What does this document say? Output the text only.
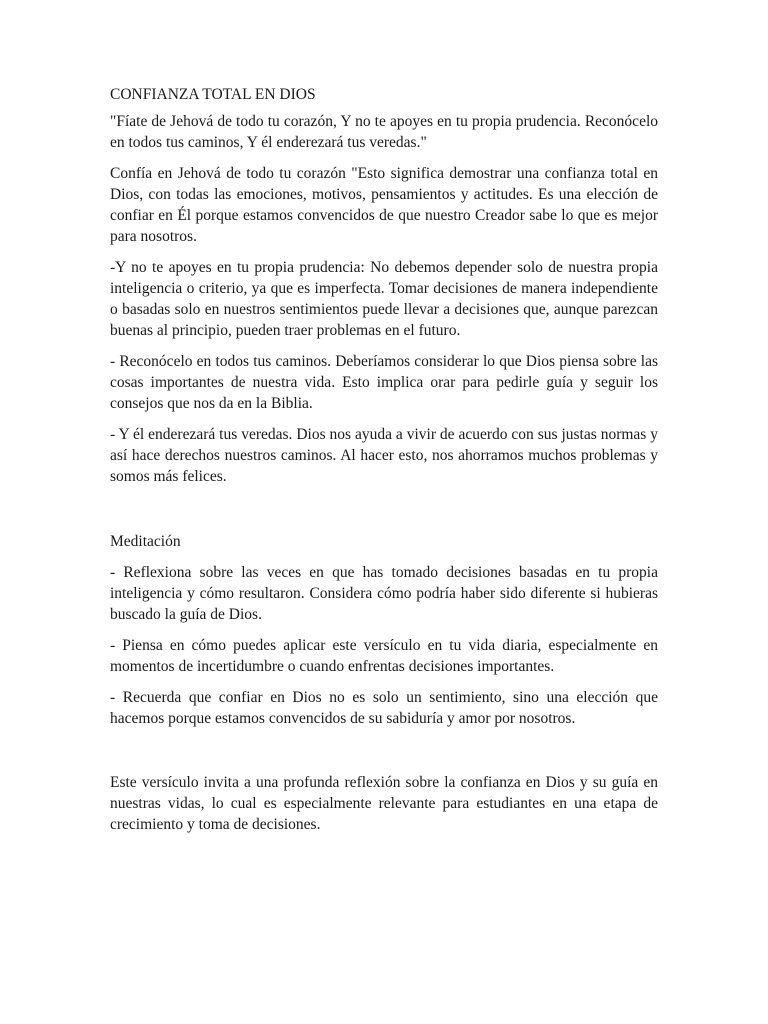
CONFIANZA TOTAL EN DIOS

"Fíate de Jehová de todo tu corazón, Y no te apoyes en tu propia prudencia. Reconócelo en todos tus caminos, Y él enderezará tus veredas."

Confía en Jehová de todo tu corazón "Esto significa demostrar una confianza total en Dios, con todas las emociones, motivos, pensamientos y actitudes. Es una elección de confiar en Él porque estamos convencidos de que nuestro Creador sabe lo que es mejor para nosotros.

-Y no te apoyes en tu propia prudencia: No debemos depender solo de nuestra propia inteligencia o criterio, ya que es imperfecta. Tomar decisiones de manera independiente o basadas solo en nuestros sentimientos puede llevar a decisiones que, aunque parezcan buenas al principio, pueden traer problemas en el futuro.

- Reconócelo en todos tus caminos. Deberíamos considerar lo que Dios piensa sobre las cosas importantes de nuestra vida. Esto implica orar para pedirle guía y seguir los consejos que nos da en la Biblia.

- Y él enderezará tus veredas. Dios nos ayuda a vivir de acuerdo con sus justas normas y así hace derechos nuestros caminos. Al hacer esto, nos ahorramos muchos problemas y somos más felices.

Meditación

- Reflexiona sobre las veces en que has tomado decisiones basadas en tu propia inteligencia y cómo resultaron. Considera cómo podría haber sido diferente si hubieras buscado la guía de Dios.

- Piensa en cómo puedes aplicar este versículo en tu vida diaria, especialmente en momentos de incertidumbre o cuando enfrentas decisiones importantes.

- Recuerda que confiar en Dios no es solo un sentimiento, sino una elección que hacemos porque estamos convencidos de su sabiduría y amor por nosotros.

Este versículo invita a una profunda reflexión sobre la confianza en Dios y su guía en nuestras vidas, lo cual es especialmente relevante para estudiantes en una etapa de crecimiento y toma de decisiones.
